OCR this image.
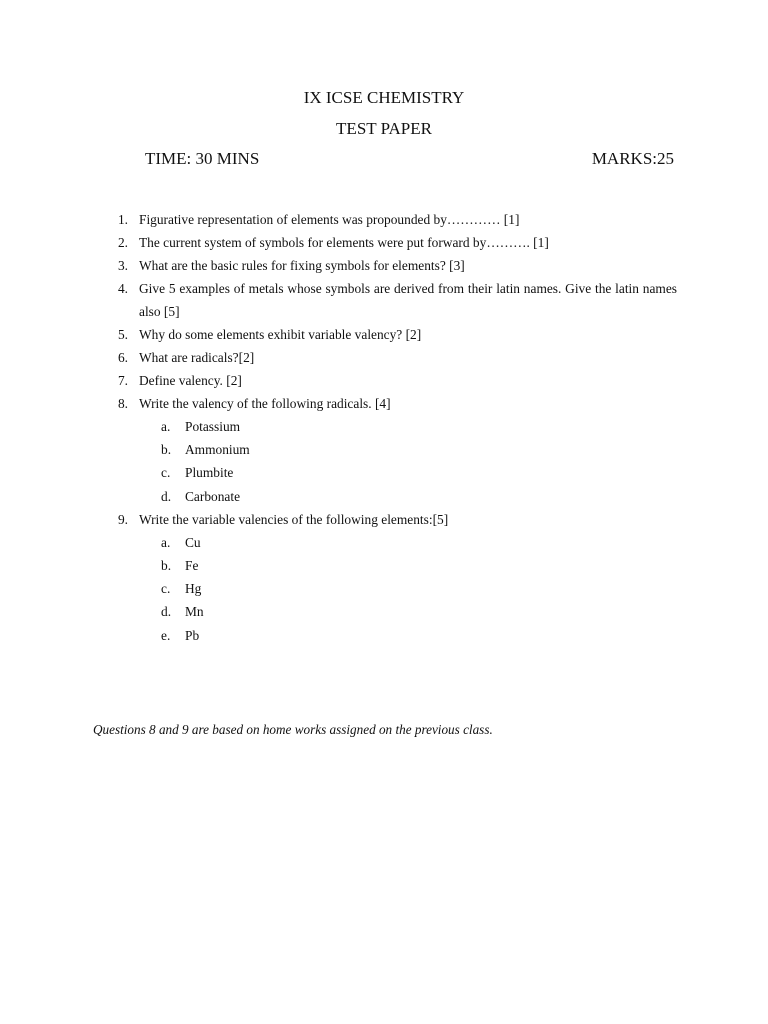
IX ICSE CHEMISTRY
TEST PAPER
TIME: 30 MINS	MARKS:25
1. Figurative representation of elements was propounded by………… [1]
2. The current system of symbols for elements were put forward by………. [1]
3. What are the basic rules for fixing symbols for elements? [3]
4. Give 5 examples of metals whose symbols are derived from their latin names. Give the latin names also [5]
5. Why do some elements exhibit variable valency? [2]
6. What are radicals?[2]
7. Define valency. [2]
8. Write the valency of the following radicals. [4]
a. Potassium
b. Ammonium
c. Plumbite
d. Carbonate
9. Write the variable valencies of the following elements:[5]
a. Cu
b. Fe
c. Hg
d. Mn
e. Pb
Questions 8 and 9 are based on home works assigned on the previous class.
